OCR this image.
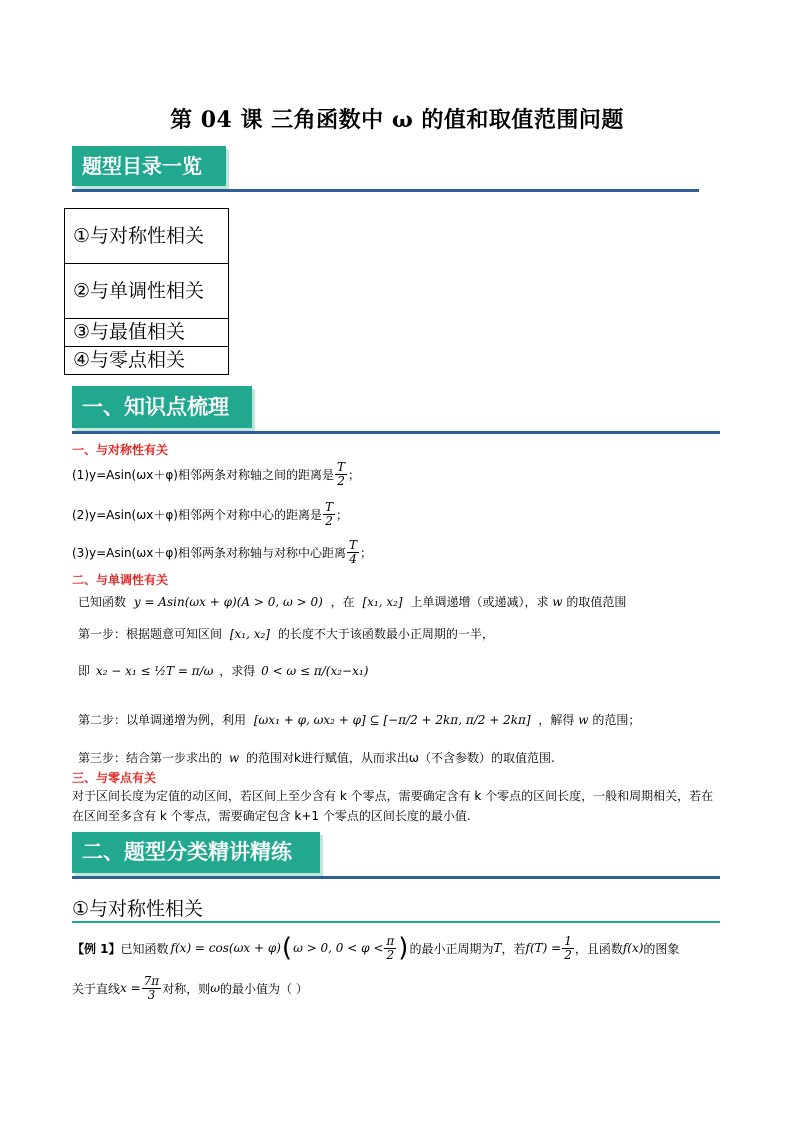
第 04 课 三角函数中 ω 的值和取值范围问题
题型目录一览
①与对称性相关
②与单调性相关
③与最值相关
④与零点相关
一、知识点梳理
一、与对称性有关
(1)y=Asin(ωx＋φ)相邻两条对称轴之间的距离是 $\frac{T}{2}$ ；
(2)y=Asin(ωx＋φ)相邻两个对称中心的距离是 $\frac{T}{2}$ ；
(3)y=Asin(ωx＋φ)相邻两条对称轴与对称中心距离 $\frac{T}{4}$ ；
二、与单调性有关
已知函数 y = Asin(ωx + φ)(A > 0, ω > 0) ，在 [x₁, x₂] 上单调递增（或递减），求 w 的取值范围
第一步：根据题意可知区间 [x₁, x₂] 的长度不大于该函数最小正周期的一半，
即 x₂ − x₁ ≤ ½T = π/ω ，求得 0 < ω ≤ π/(x₂−x₁)
第二步：以单调递增为例，利用 [ωx₁ + φ, ωx₂ + φ] ⊆ [−π/2 + 2kπ, π/2 + 2kπ] ，解得 w 的范围；
第三步：结合第一步求出的 w 的范围对k进行赋值，从而求出ω（不含参数）的取值范围.
三、与零点有关
对于区间长度为定值的动区间，若区间上至少含有 k 个零点，需要确定含有 k 个零点的区间长度，一般和周期相关，若在在区间至多含有 k 个零点，需要确定包含 k+1 个零点的区间长度的最小值.
二、题型分类精讲精练
①与对称性相关
【例 1】 已知函数 f(x) = cos(ωx + φ) ( ω > 0, $0 < \varphi < \frac{\pi}{2}$ ) 的最小正周期为 T ，若 $f(T) = \frac{1}{2}$ ，且函数 f(x) 的图象
关于直线 $x = \frac{7\pi}{3}$ 对称，则 ω 的最小值为（ ）
